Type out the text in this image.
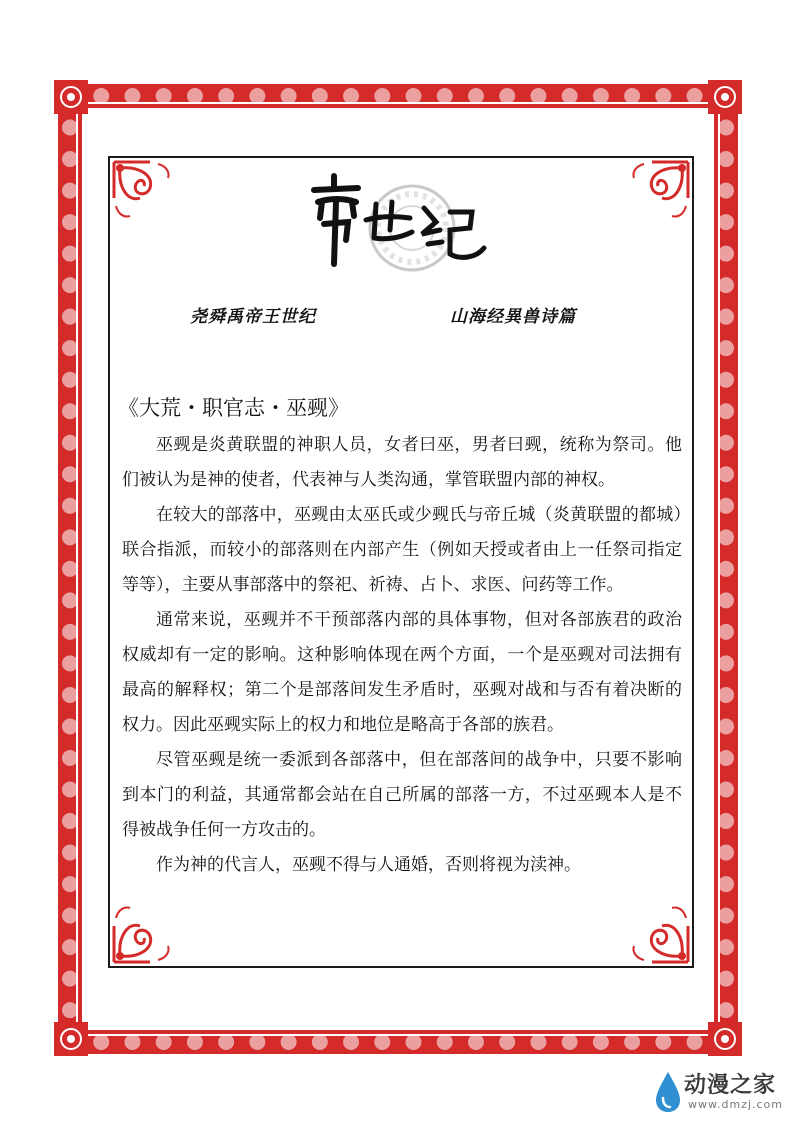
尧舜禹帝王世纪	山海经異兽诗篇
《大荒・职官志・巫觋》

巫觋是炎黄联盟的神职人员，女者曰巫，男者曰觋，统称为祭司。他们被认为是神的使者，代表神与人类沟通，掌管联盟内部的神权。

在较大的部落中，巫觋由太巫氏或少觋氏与帝丘城（炎黄联盟的都城）联合指派，而较小的部落则在内部产生（例如天授或者由上一任祭司指定等等），主要从事部落中的祭祀、祈祷、占卜、求医、问药等工作。

通常来说，巫觋并不干预部落内部的具体事物，但对各部族君的政治权威却有一定的影响。这种影响体现在两个方面，一个是巫觋对司法拥有最高的解释权；第二个是部落间发生矛盾时，巫觋对战和与否有着决断的权力。因此巫觋实际上的权力和地位是略高于各部的族君。

尽管巫觋是统一委派到各部落中，但在部落间的战争中，只要不影响到本门的利益，其通常都会站在自己所属的部落一方，不过巫觋本人是不得被战争任何一方攻击的。

作为神的代言人，巫觋不得与人通婚，否则将视为渎神。

动漫之家
www.dmzj.com
